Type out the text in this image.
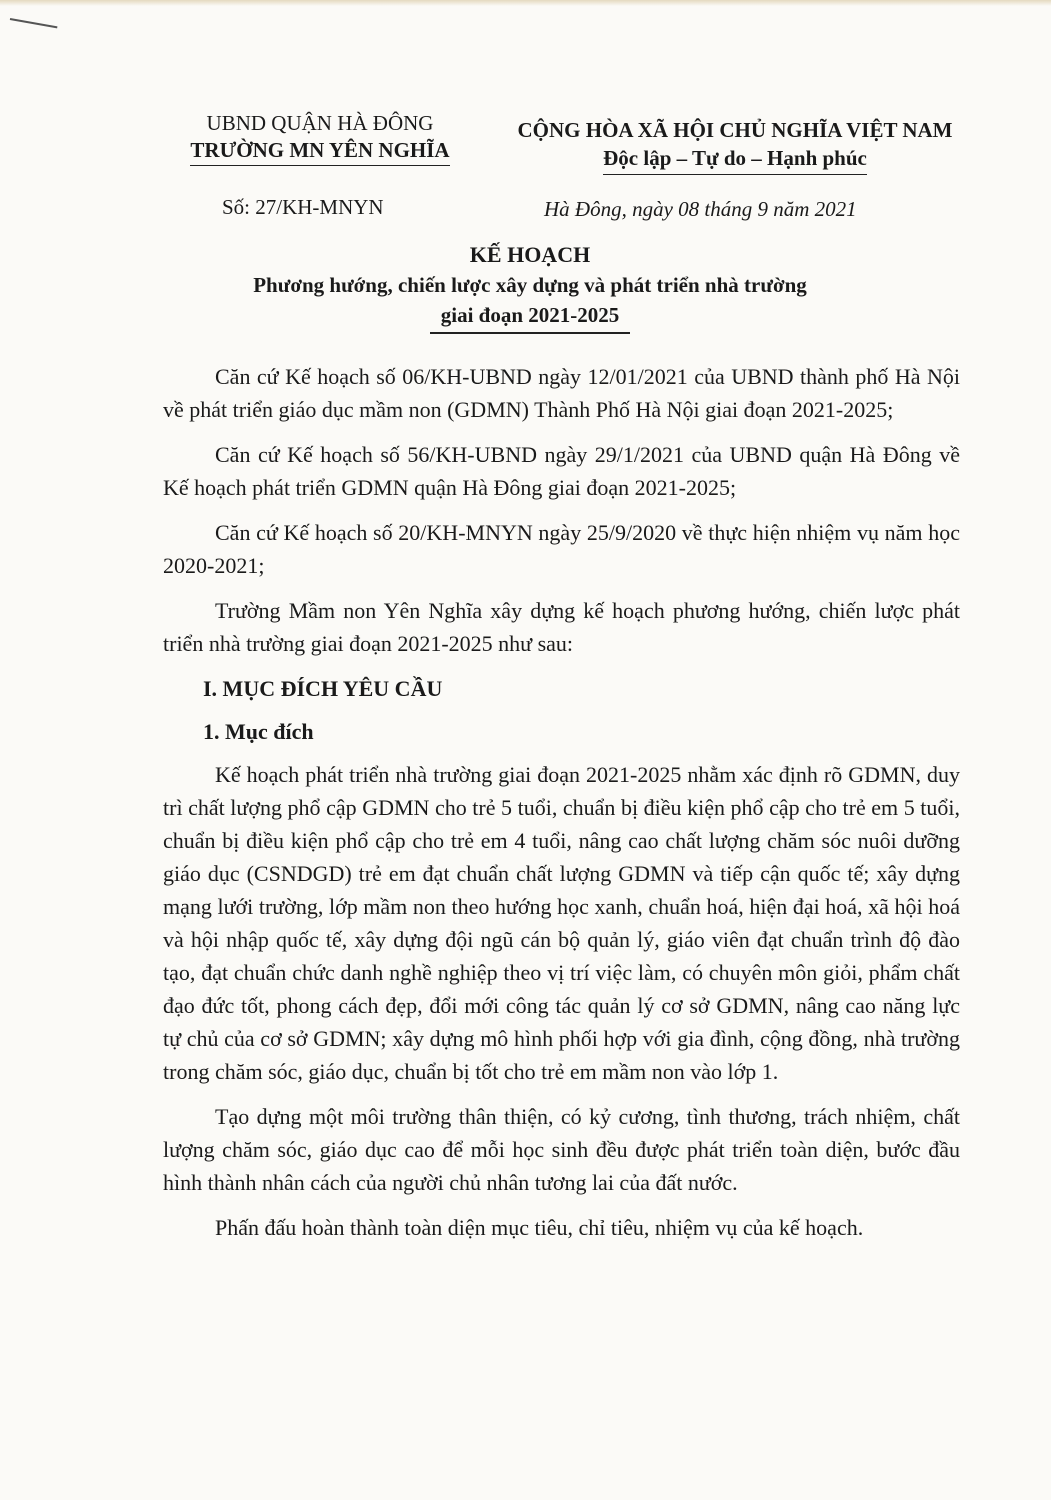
UBND QUẬN HÀ ĐÔNG
TRƯỜNG MN YÊN NGHĨA
CỘNG HÒA XÃ HỘI CHỦ NGHĨA VIỆT NAM
Độc lập – Tự do – Hạnh phúc
Số: 27/KH-MNYN	Hà Đông, ngày 08 tháng 9 năm 2021
KẾ HOẠCH
Phương hướng, chiến lược xây dựng và phát triển nhà trường
giai đoạn 2021-2025

Căn cứ Kế hoạch số 06/KH-UBND ngày 12/01/2021 của UBND thành phố Hà Nội về phát triển giáo dục mầm non (GDMN) Thành Phố Hà Nội giai đoạn 2021-2025;

Căn cứ Kế hoạch số 56/KH-UBND ngày 29/1/2021 của UBND quận Hà Đông về Kế hoạch phát triển GDMN quận Hà Đông giai đoạn 2021-2025;

Căn cứ Kế hoạch số 20/KH-MNYN ngày 25/9/2020 về thực hiện nhiệm vụ năm học 2020-2021;

Trường Mầm non Yên Nghĩa xây dựng kế hoạch phương hướng, chiến lược phát triển nhà trường giai đoạn 2021-2025 như sau:

I. MỤC ĐÍCH YÊU CẦU
1. Mục đích

Kế hoạch phát triển nhà trường giai đoạn 2021-2025 nhằm xác định rõ GDMN, duy trì chất lượng phổ cập GDMN cho trẻ 5 tuổi, chuẩn bị điều kiện phổ cập cho trẻ em 5 tuổi, chuẩn bị điều kiện phổ cập cho trẻ em 4 tuổi, nâng cao chất lượng chăm sóc nuôi dưỡng giáo dục (CSNDGD) trẻ em đạt chuẩn chất lượng GDMN và tiếp cận quốc tế; xây dựng mạng lưới trường, lớp mầm non theo hướng học xanh, chuẩn hoá, hiện đại hoá, xã hội hoá và hội nhập quốc tế, xây dựng đội ngũ cán bộ quản lý, giáo viên đạt chuẩn trình độ đào tạo, đạt chuẩn chức danh nghề nghiệp theo vị trí việc làm, có chuyên môn giỏi, phẩm chất đạo đức tốt, phong cách đẹp, đổi mới công tác quản lý cơ sở GDMN, nâng cao năng lực tự chủ của cơ sở GDMN; xây dựng mô hình phối hợp với gia đình, cộng đồng, nhà trường trong chăm sóc, giáo dục, chuẩn bị tốt cho trẻ em mầm non vào lớp 1.

Tạo dựng một môi trường thân thiện, có kỷ cương, tình thương, trách nhiệm, chất lượng chăm sóc, giáo dục cao để mỗi học sinh đều được phát triển toàn diện, bước đầu hình thành nhân cách của người chủ nhân tương lai của đất nước.

Phấn đấu hoàn thành toàn diện mục tiêu, chỉ tiêu, nhiệm vụ của kế hoạch.
